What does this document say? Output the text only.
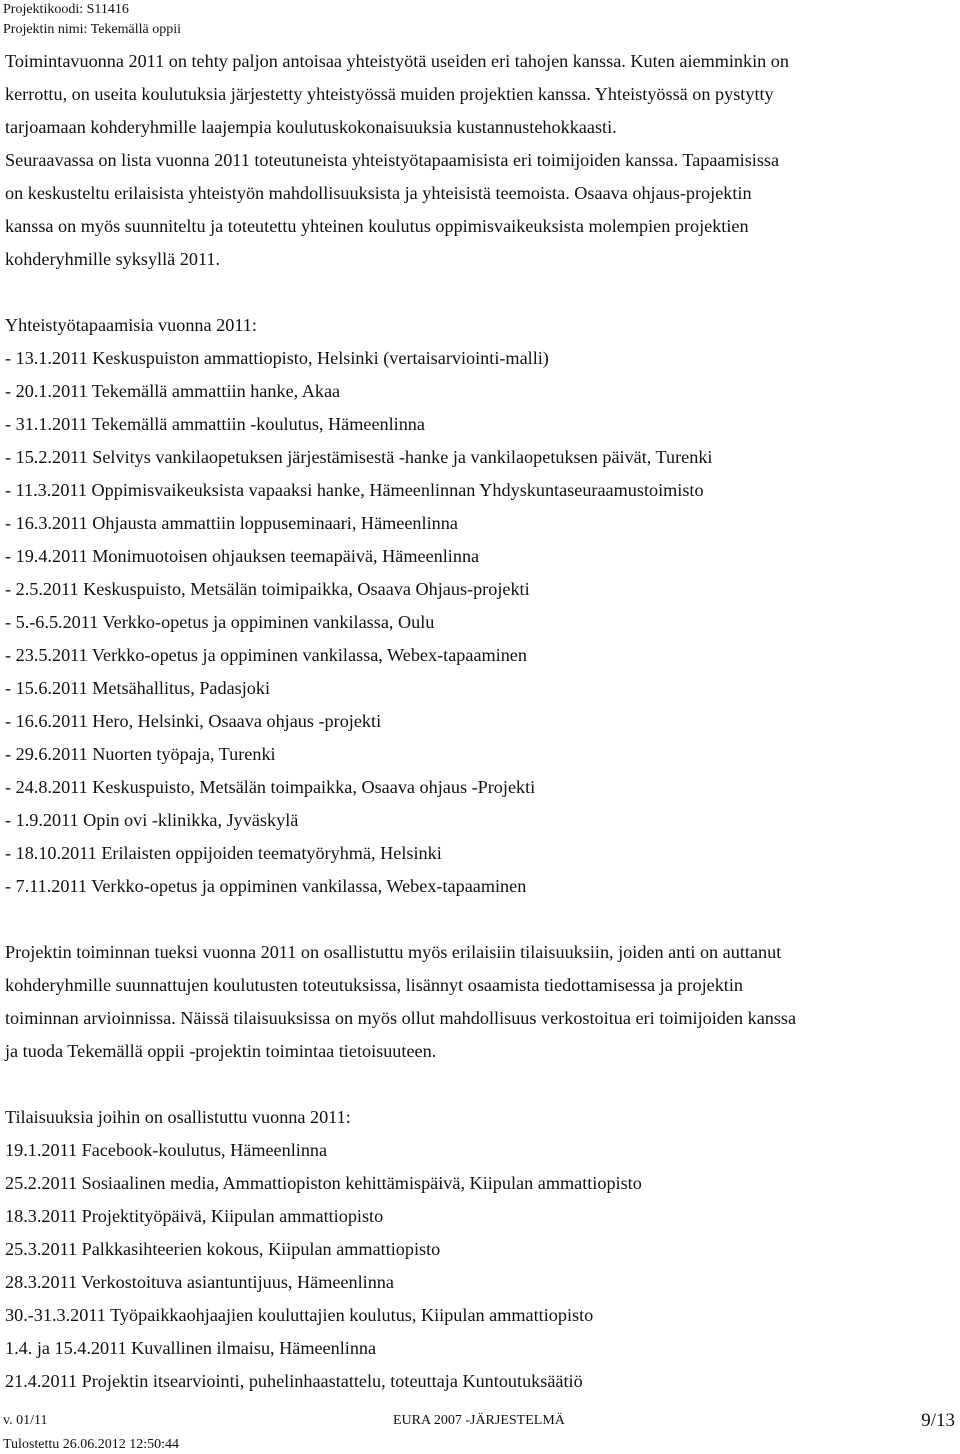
Projektikoodi: S11416
Projektin nimi: Tekemällä oppii

Toimintavuonna 2011 on tehty paljon antoisaa yhteistyötä useiden eri tahojen kanssa. Kuten aiemminkin on

kerrottu, on useita koulutuksia järjestetty yhteistyössä muiden projektien kanssa. Yhteistyössä on pystytty

tarjoamaan kohderyhmille laajempia koulutuskokonaisuuksia kustannustehokkaasti.

Seuraavassa on lista vuonna 2011 toteutuneista yhteistyötapaamisista eri toimijoiden kanssa. Tapaamisissa

on keskusteltu erilaisista yhteistyön mahdollisuuksista ja yhteisistä teemoista. Osaava ohjaus-projektin

kanssa on myös suunniteltu ja toteutettu yhteinen koulutus oppimisvaikeuksista molempien projektien

kohderyhmille syksyllä 2011.

Yhteistyötapaamisia vuonna 2011:

- 13.1.2011 Keskuspuiston ammattiopisto, Helsinki (vertaisarviointi-malli)
- 20.1.2011 Tekemällä ammattiin hanke, Akaa
- 31.1.2011 Tekemällä ammattiin -koulutus, Hämeenlinna
- 15.2.2011 Selvitys vankilaopetuksen järjestämisestä -hanke ja vankilaopetuksen päivät, Turenki
- 11.3.2011 Oppimisvaikeuksista vapaaksi hanke, Hämeenlinnan Yhdyskuntaseuraamustoimisto
- 16.3.2011 Ohjausta ammattiin loppuseminaari, Hämeenlinna
- 19.4.2011 Monimuotoisen ohjauksen teemapäivä, Hämeenlinna
- 2.5.2011 Keskuspuisto, Metsälän toimipaikka, Osaava Ohjaus-projekti
- 5.-6.5.2011 Verkko-opetus ja oppiminen vankilassa, Oulu
- 23.5.2011 Verkko-opetus ja oppiminen vankilassa, Webex-tapaaminen
- 15.6.2011 Metsähallitus, Padasjoki
- 16.6.2011 Hero, Helsinki, Osaava ohjaus -projekti
- 29.6.2011 Nuorten työpaja, Turenki
- 24.8.2011 Keskuspuisto, Metsälän toimpaikka, Osaava ohjaus -Projekti
- 1.9.2011 Opin ovi -klinikka, Jyväskylä
- 18.10.2011 Erilaisten oppijoiden teematyöryhmä, Helsinki
- 7.11.2011 Verkko-opetus ja oppiminen vankilassa, Webex-tapaaminen

Projektin toiminnan tueksi vuonna 2011 on osallistuttu myös erilaisiin tilaisuuksiin, joiden anti on auttanut

kohderyhmille suunnattujen koulutusten toteutuksissa, lisännyt osaamista tiedottamisessa ja projektin

toiminnan arvioinnissa. Näissä tilaisuuksissa on myös ollut mahdollisuus verkostoitua eri toimijoiden kanssa

ja tuoda Tekemällä oppii -projektin toimintaa tietoisuuteen.

Tilaisuuksia joihin on osallistuttu vuonna 2011:

19.1.2011 Facebook-koulutus, Hämeenlinna
25.2.2011 Sosiaalinen media, Ammattiopiston kehittämispäivä, Kiipulan ammattiopisto
18.3.2011 Projektityöpäivä, Kiipulan ammattiopisto
25.3.2011 Palkkasihteerien kokous, Kiipulan ammattiopisto
28.3.2011 Verkostoituva asiantuntijuus, Hämeenlinna
30.-31.3.2011 Työpaikkaohjaajien kouluttajien koulutus, Kiipulan ammattiopisto
1.4. ja 15.4.2011 Kuvallinen ilmaisu, Hämeenlinna
21.4.2011 Projektin itsearviointi, puhelinhaastattelu, toteuttaja Kuntoutuksäätiö
v. 01/11	EURA 2007 -JÄRJESTELMÄ	9/13
Tulostettu 26.06.2012 12:50:44
